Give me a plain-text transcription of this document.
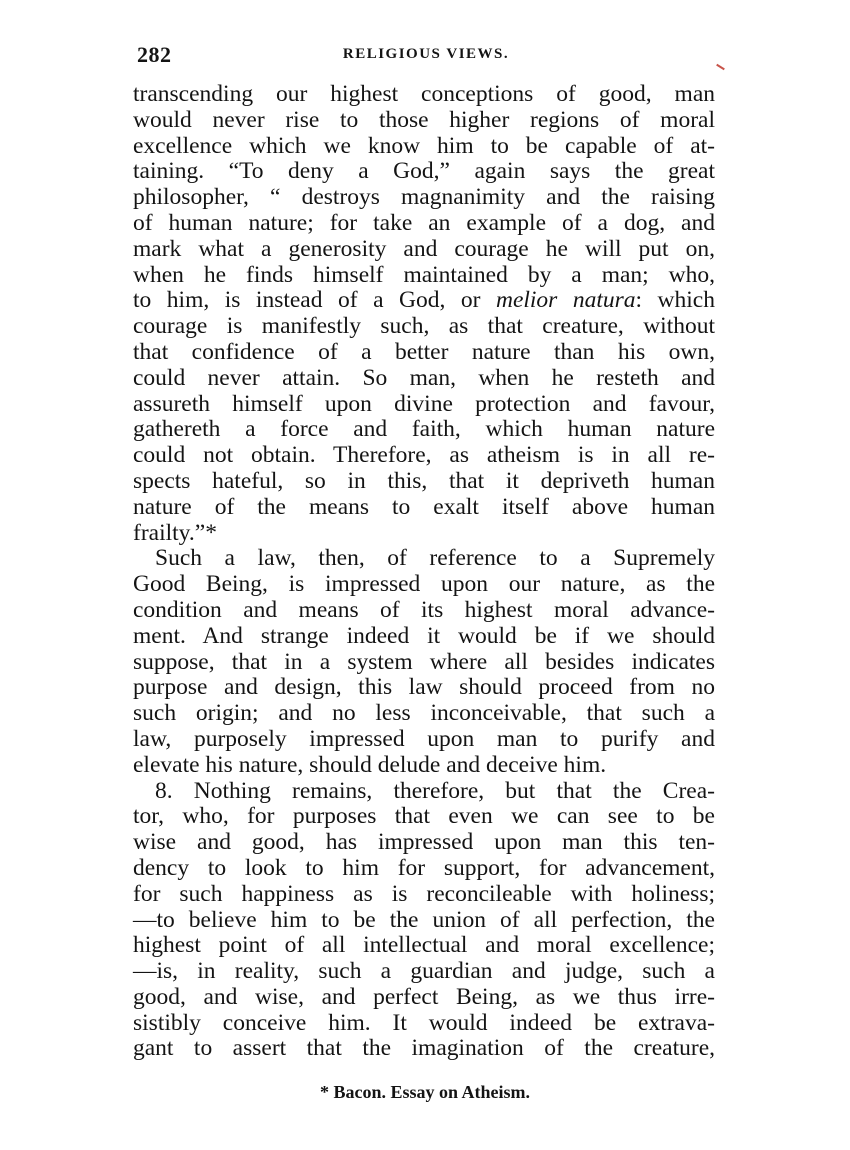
282	RELIGIOUS VIEWS.
transcending our highest conceptions of good, man
would never rise to those higher regions of moral
excellence which we know him to be capable of at-
taining. “To deny a God,” again says the great
philosopher, “ destroys magnanimity and the raising
of human nature; for take an example of a dog, and
mark what a generosity and courage he will put on,
when he finds himself maintained by a man; who,
to him, is instead of a God, or melior natura: which
courage is manifestly such, as that creature, without
that confidence of a better nature than his own,
could never attain. So man, when he resteth and
assureth himself upon divine protection and favour,
gathereth a force and faith, which human nature
could not obtain. Therefore, as atheism is in all re-
spects hateful, so in this, that it depriveth human
nature of the means to exalt itself above human
frailty.”*
Such a law, then, of reference to a Supremely
Good Being, is impressed upon our nature, as the
condition and means of its highest moral advance-
ment. And strange indeed it would be if we should
suppose, that in a system where all besides indicates
purpose and design, this law should proceed from no
such origin; and no less inconceivable, that such a
law, purposely impressed upon man to purify and
elevate his nature, should delude and deceive him.
8. Nothing remains, therefore, but that the Crea-
tor, who, for purposes that even we can see to be
wise and good, has impressed upon man this ten-
dency to look to him for support, for advancement,
for such happiness as is reconcileable with holiness;
—to believe him to be the union of all perfection, the
highest point of all intellectual and moral excellence;
—is, in reality, such a guardian and judge, such a
good, and wise, and perfect Being, as we thus irre-
sistibly conceive him. It would indeed be extrava-
gant to assert that the imagination of the creature,
* Bacon. Essay on Atheism.
